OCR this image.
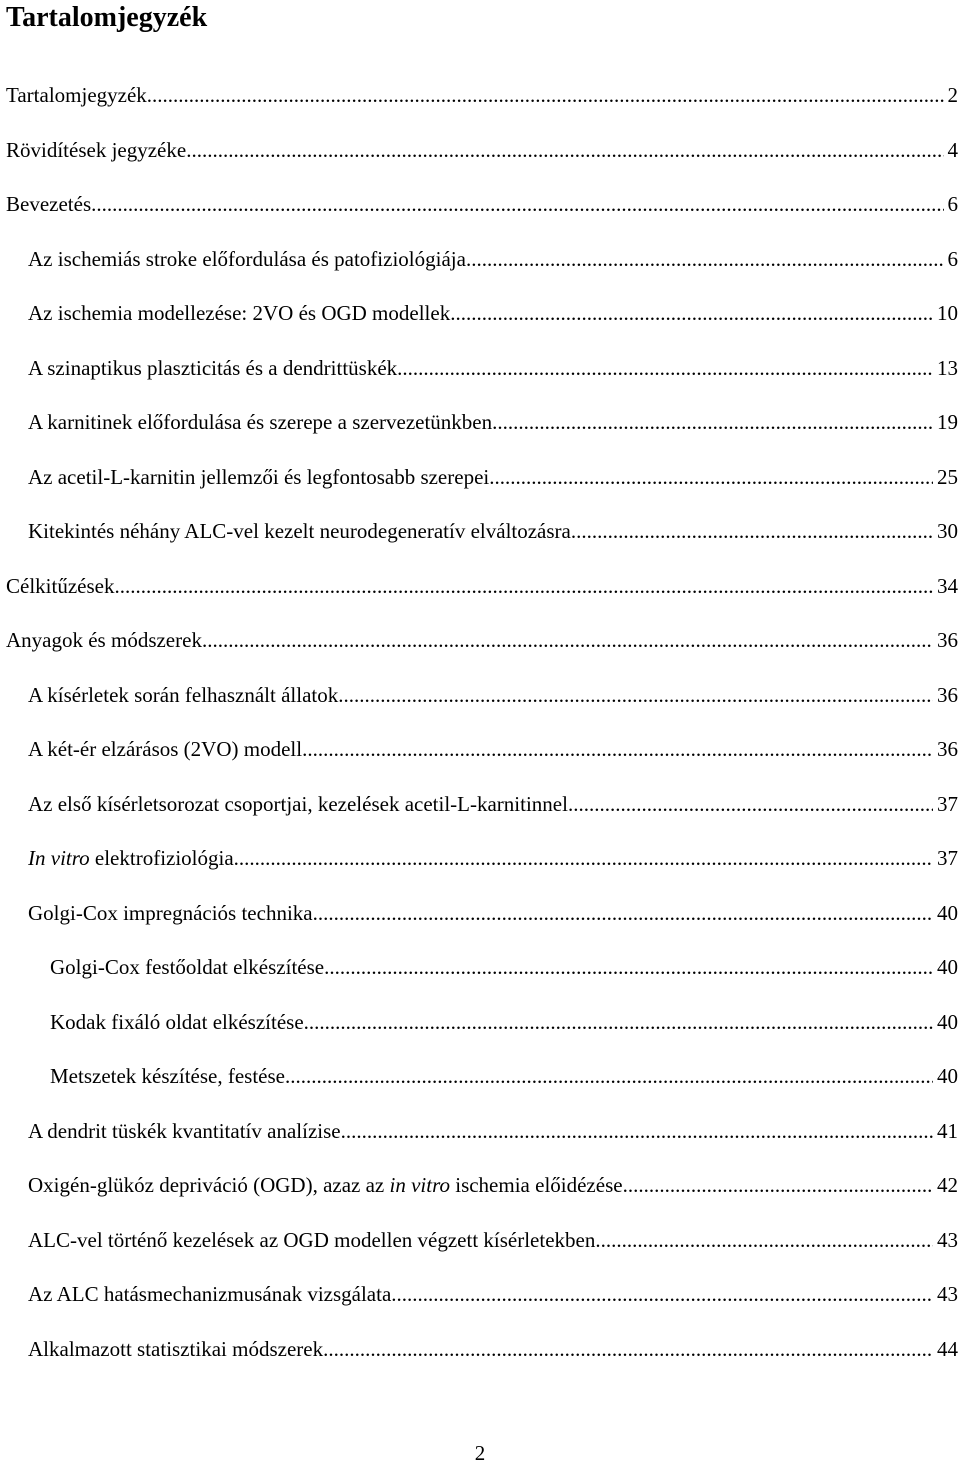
Tartalomjegyzék
Tartalomjegyzék .....	2
Rövidítések jegyzéke .....	4
Bevezetés .....	6
Az ischemiás stroke előfordulása és patofiziológiája .....	6
Az ischemia modellezése: 2VO és OGD modellek .....	10
A szinaptikus plaszticitás és a dendrittüskék .....	13
A karnitinek előfordulása és szerepe a szervezetünkben .....	19
Az acetil-L-karnitin jellemzői és legfontosabb szerepei .....	25
Kitekintés néhány ALC-vel kezelt neurodegeneratív elváltozásra .....	30
Célkitűzések .....	34
Anyagok és módszerek .....	36
A kísérletek során felhasznált állatok .....	36
A két-ér elzárásos (2VO) modell .....	36
Az első kísérletsorozat csoportjai, kezelések acetil-L-karnitinnel .....	37
In vitro elektrofiziológia .....	37
Golgi-Cox impregnációs technika .....	40
Golgi-Cox festőoldat elkészítése .....	40
Kodak fixáló oldat elkészítése .....	40
Metszetek készítése, festése .....	40
A dendrit tüskék kvantitatív analízise .....	41
Oxigén-glükóz depriváció (OGD), azaz az in vitro ischemia előidézése .....	42
ALC-vel történő kezelések az OGD modellen végzett kísérletekben .....	43
Az ALC hatásmechanizmusának vizsgálata .....	43
Alkalmazott statisztikai módszerek .....	44
2
